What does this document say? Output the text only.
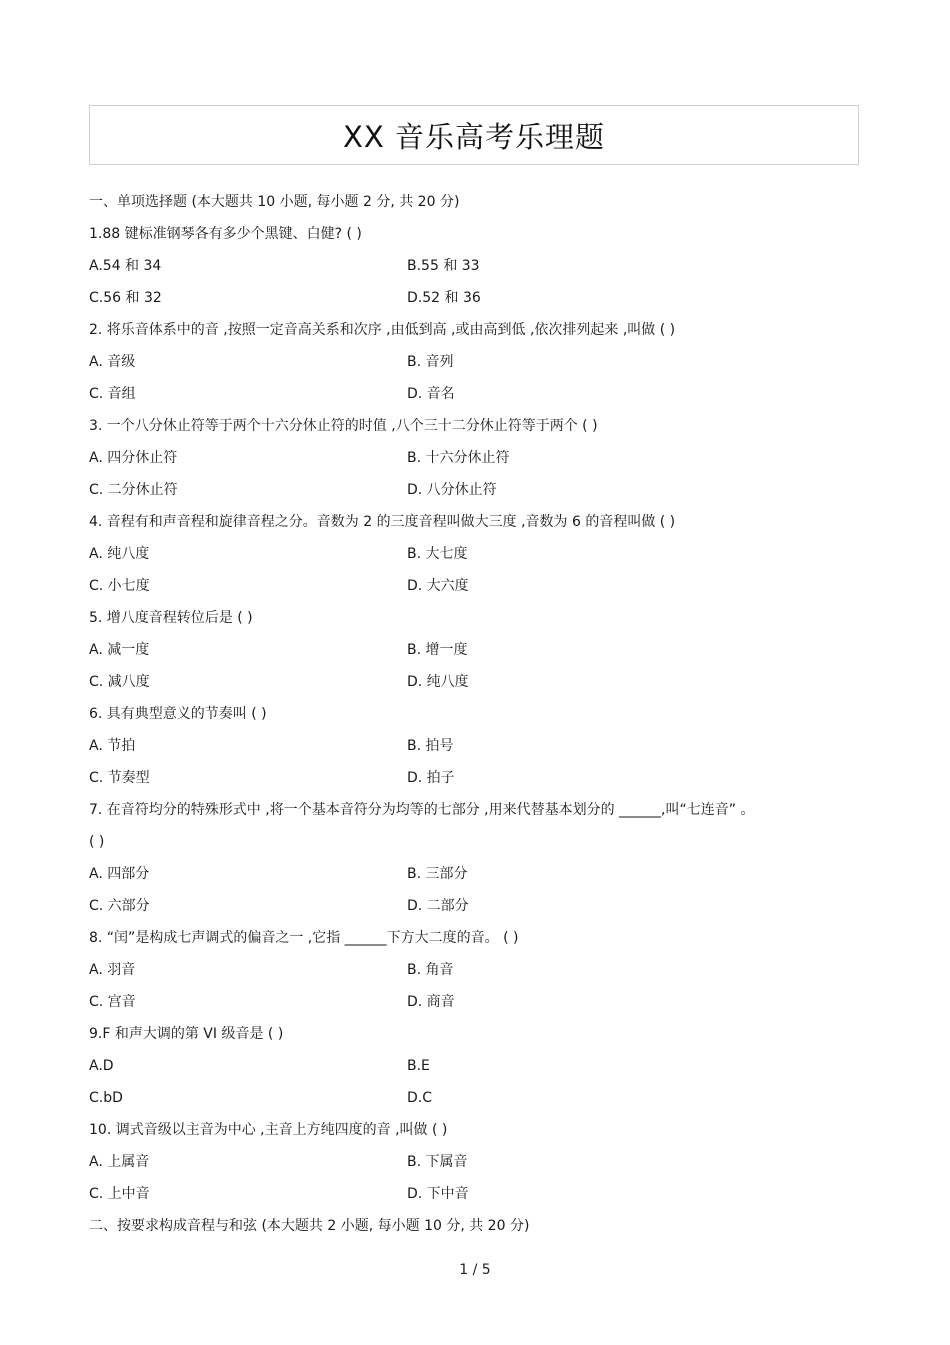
XX 音乐高考乐理题
一、单项选择题 (本大题共 10 小题, 每小题 2 分, 共 20 分)
1.88 键标准钢琴各有多少个黑键、白健? ( )
A.54 和 34	B.55 和 33
C.56 和 32	D.52 和 36
2. 将乐音体系中的音 ,按照一定音高关系和次序 ,由低到高 ,或由高到低 ,依次排列起来 ,叫做 ( )
A. 音级	B. 音列
C. 音组	D. 音名
3. 一个八分休止符等于两个十六分休止符的时值 ,八个三十二分休止符等于两个 ( )
A. 四分休止符	B. 十六分休止符
C. 二分休止符	D. 八分休止符
4. 音程有和声音程和旋律音程之分。音数为 2 的三度音程叫做大三度 ,音数为 6 的音程叫做 ( )
A. 纯八度	B. 大七度
C. 小七度	D. 大六度
5. 增八度音程转位后是 ( )
A. 减一度	B. 增一度
C. 减八度	D. 纯八度
6. 具有典型意义的节奏叫 ( )
A. 节拍	B. 拍号
C. 节奏型	D. 拍子
7. 在音符均分的特殊形式中 ,将一个基本音符分为均等的七部分 ,用来代替基本划分的 ______,叫“七连音” 。
( )
A. 四部分	B. 三部分
C. 六部分	D. 二部分
8. “闰”是构成七声调式的偏音之一 ,它指 ______下方大二度的音。 ( )
A. 羽音	B. 角音
C. 宫音	D. 商音
9.F 和声大调的第 VI 级音是 ( )
A.D	B.E
C.bD	D.C
10. 调式音级以主音为中心 ,主音上方纯四度的音 ,叫做 ( )
A. 上属音	B. 下属音
C. 上中音	D. 下中音
二、按要求构成音程与和弦 (本大题共 2 小题, 每小题 10 分, 共 20 分)
1 / 5
